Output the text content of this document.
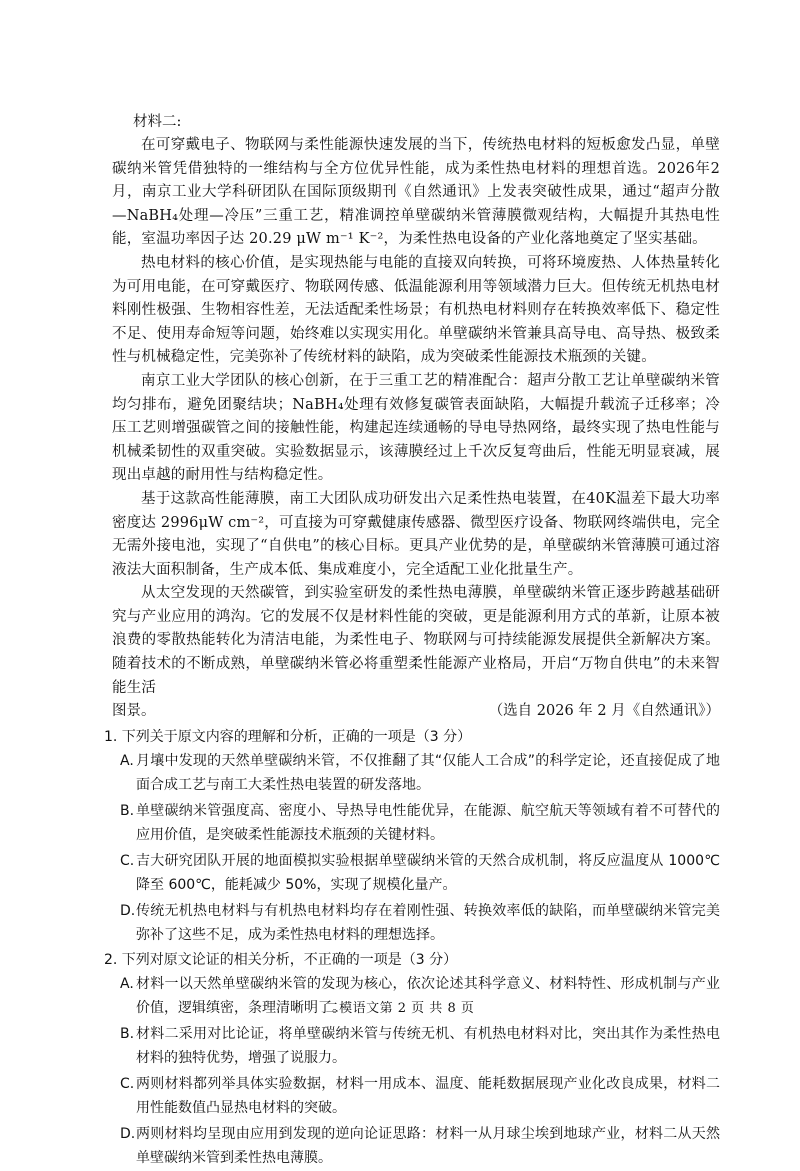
材料二:

在可穿戴电子、物联网与柔性能源快速发展的当下，传统热电材料的短板愈发凸显，单壁碳纳米管凭借独特的一维结构与全方位优异性能，成为柔性热电材料的理想首选。2026年2月，南京工业大学科研团队在国际顶级期刊《自然通讯》上发表突破性成果，通过“超声分散—NaBH₄处理—冷压”三重工艺，精准调控单壁碳纳米管薄膜微观结构，大幅提升其热电性能，室温功率因子达 20.29 μW m⁻¹ K⁻²，为柔性热电设备的产业化落地奠定了坚实基础。

热电材料的核心价值，是实现热能与电能的直接双向转换，可将环境废热、人体热量转化为可用电能，在可穿戴医疗、物联网传感、低温能源利用等领域潜力巨大。但传统无机热电材料刚性极强、生物相容性差，无法适配柔性场景；有机热电材料则存在转换效率低下、稳定性不足、使用寿命短等问题，始终难以实现实用化。单壁碳纳米管兼具高导电、高导热、极致柔性与机械稳定性，完美弥补了传统材料的缺陷，成为突破柔性能源技术瓶颈的关键。

南京工业大学团队的核心创新，在于三重工艺的精准配合：超声分散工艺让单壁碳纳米管均匀排布，避免团聚结块；NaBH₄处理有效修复碳管表面缺陷，大幅提升载流子迁移率；冷压工艺则增强碳管之间的接触性能，构建起连续通畅的导电导热网络，最终实现了热电性能与机械柔韧性的双重突破。实验数据显示，该薄膜经过上千次反复弯曲后，性能无明显衰减，展现出卓越的耐用性与结构稳定性。

基于这款高性能薄膜，南工大团队成功研发出六足柔性热电装置，在40K温差下最大功率密度达 2996μW cm⁻²，可直接为可穿戴健康传感器、微型医疗设备、物联网终端供电，完全无需外接电池，实现了“自供电”的核心目标。更具产业优势的是，单壁碳纳米管薄膜可通过溶液法大面积制备，生产成本低、集成难度小，完全适配工业化批量生产。

从太空发现的天然碳管，到实验室研发的柔性热电薄膜，单壁碳纳米管正逐步跨越基础研究与产业应用的鸿沟。它的发展不仅是材料性能的突破，更是能源利用方式的革新，让原本被浪费的零散热能转化为清洁电能，为柔性电子、物联网与可持续能源发展提供全新解决方案。随着技术的不断成熟，单壁碳纳米管必将重塑柔性能源产业格局，开启“万物自供电”的未来智能生活

图景。	（选自 2026 年 2 月《自然通讯》）

1. 下列关于原文内容的理解和分析，正确的一项是（3 分）

A. 月壤中发现的天然单壁碳纳米管，不仅推翻了其“仅能人工合成”的科学定论，还直接促成了地面合成工艺与南工大柔性热电装置的研发落地。
B. 单壁碳纳米管强度高、密度小、导热导电性能优异，在能源、航空航天等领域有着不可替代的应用价值，是突破柔性能源技术瓶颈的关键材料。
C. 吉大研究团队开展的地面模拟实验根据单壁碳纳米管的天然合成机制，将反应温度从 1000℃降至 600℃，能耗减少 50%，实现了规模化量产。
D. 传统无机热电材料与有机热电材料均存在着刚性强、转换效率低的缺陷，而单壁碳纳米管完美弥补了这些不足，成为柔性热电材料的理想选择。

2. 下列对原文论证的相关分析，不正确的一项是（3 分）

A. 材料一以天然单壁碳纳米管的发现为核心，依次论述其科学意义、材料特性、形成机制与产业价值，逻辑缜密，条理清晰明了。
B. 材料二采用对比论证，将单壁碳纳米管与传统无机、有机热电材料对比，突出其作为柔性热电材料的独特优势，增强了说服力。
C. 两则材料都列举具体实验数据，材料一用成本、温度、能耗数据展现产业化改良成果，材料二用性能数值凸显热电材料的突破。
D. 两则材料均呈现由应用到发现的逆向论证思路：材料一从月球尘埃到地球产业，材料二从天然单壁碳纳米管到柔性热电薄膜。
二模语文第 2 页 共 8 页
